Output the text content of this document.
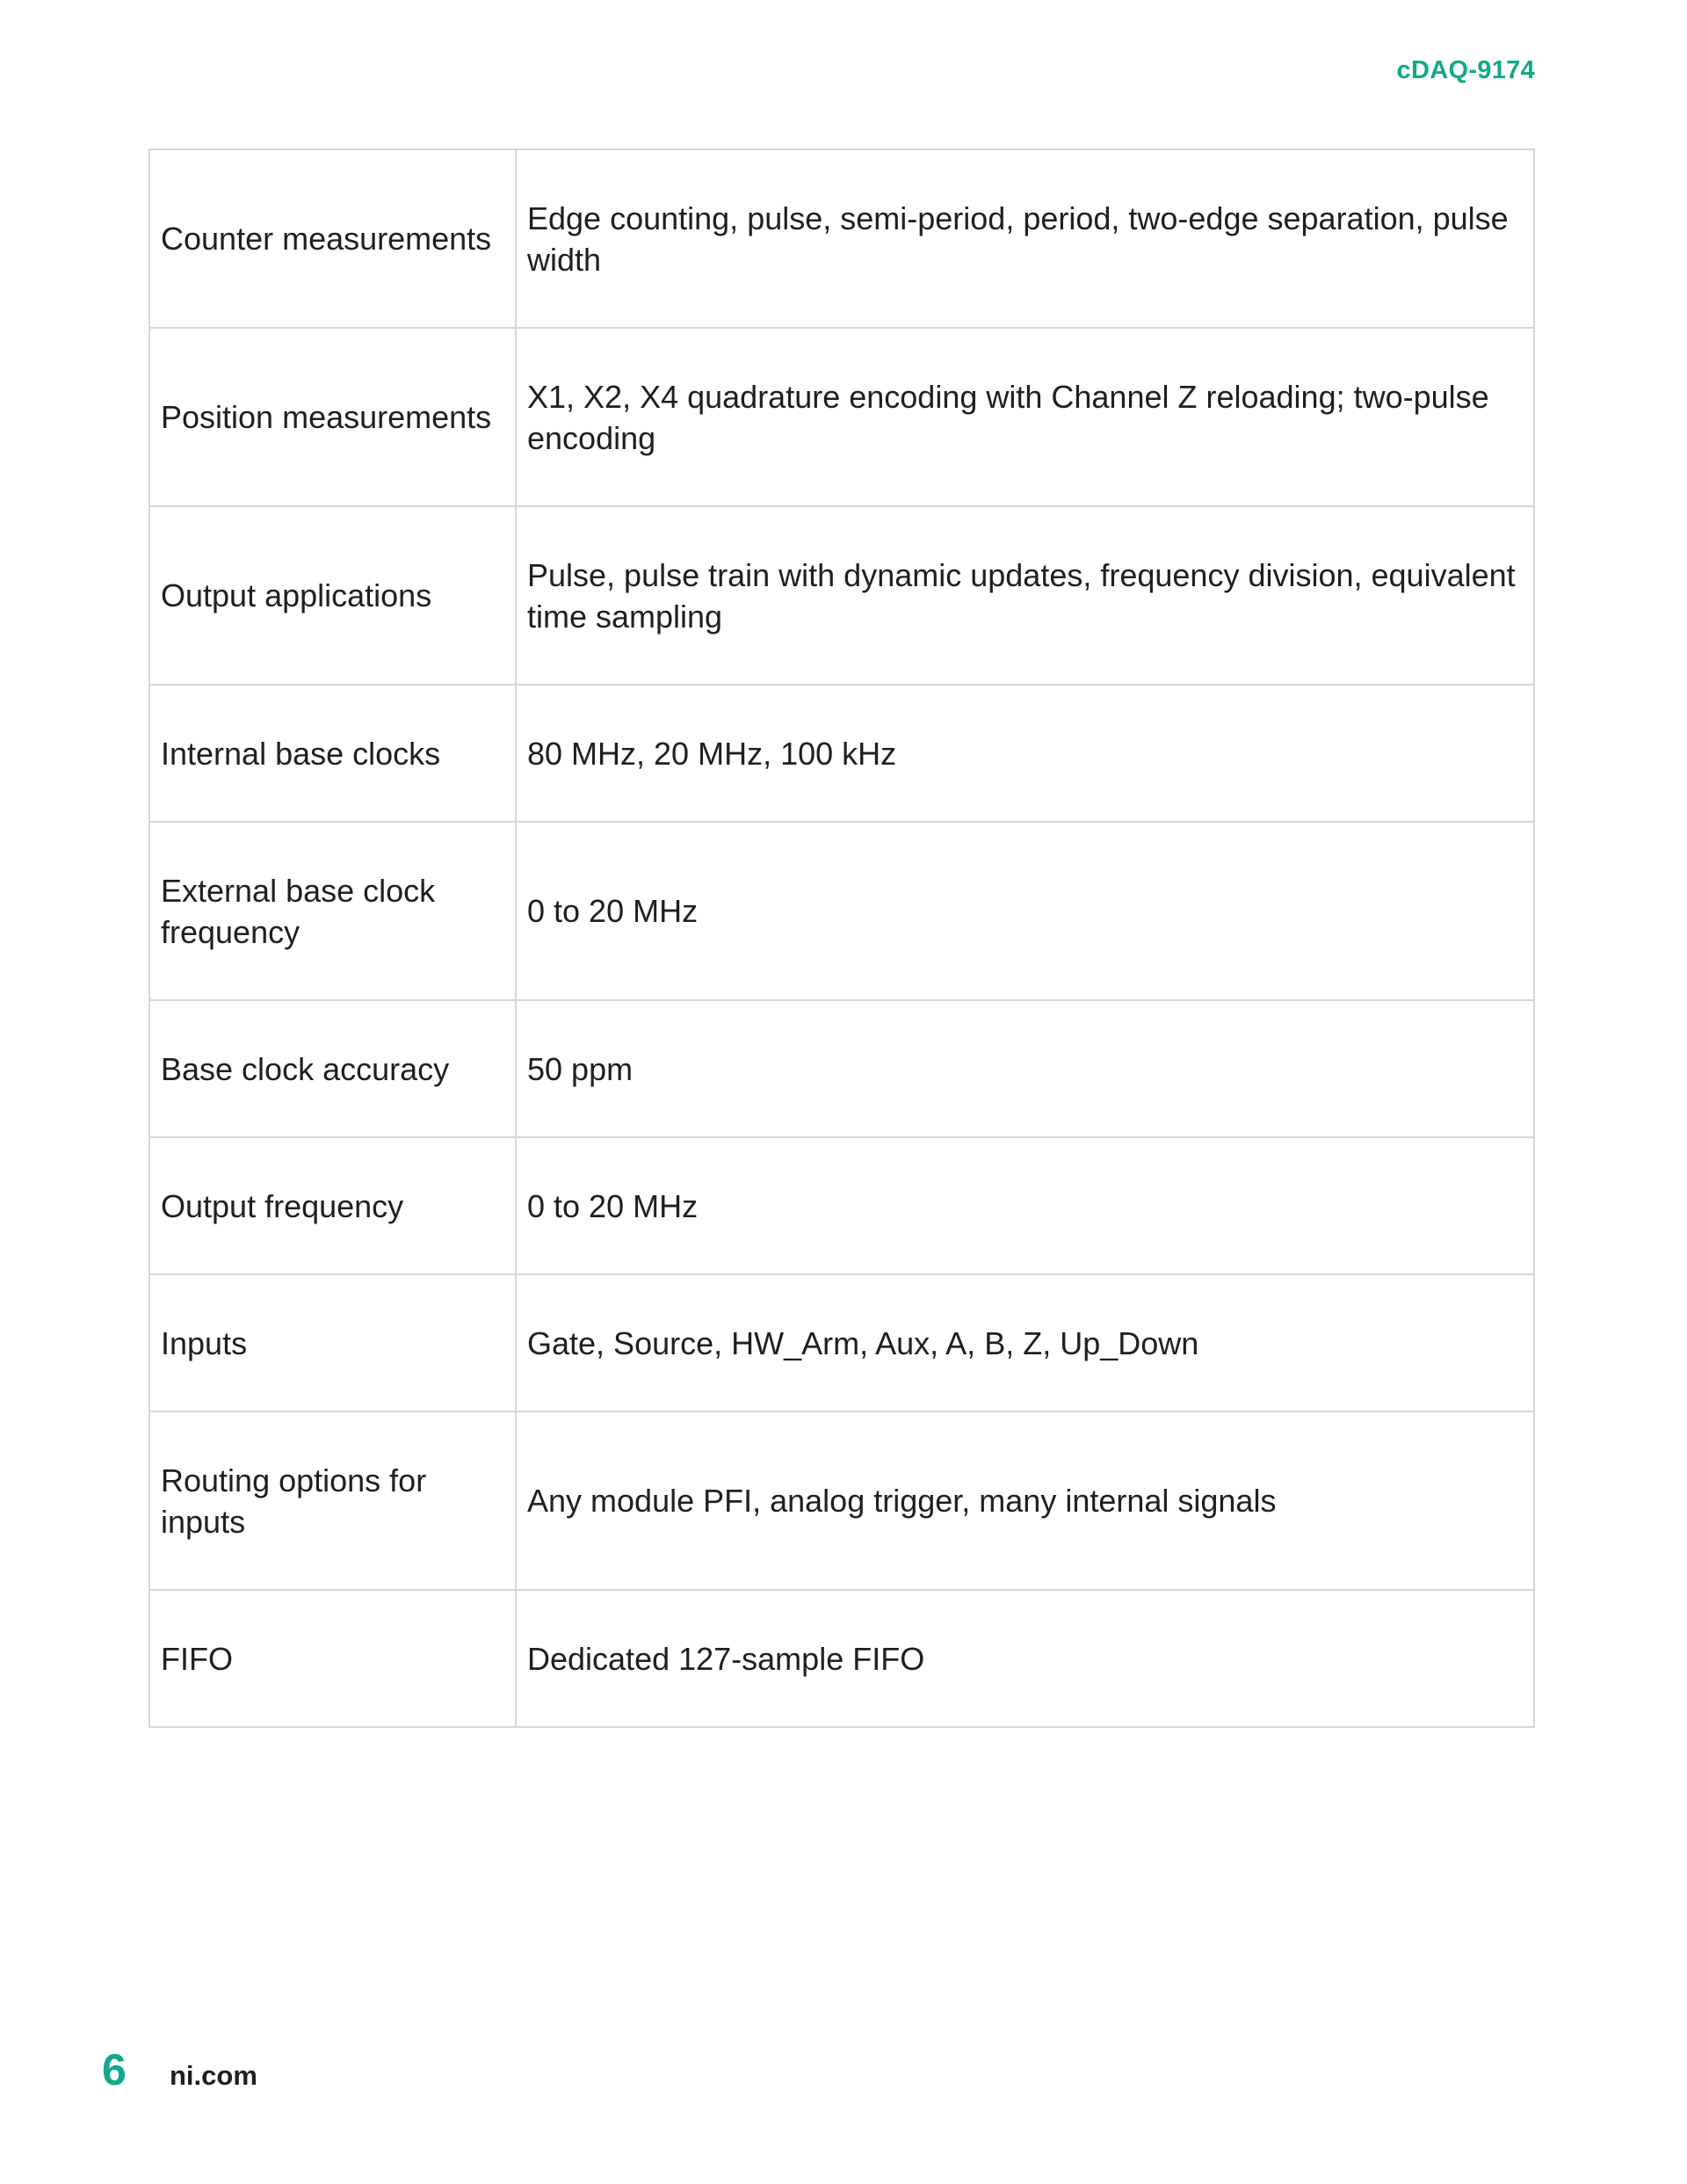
cDAQ-9174
Counter measurements	Edge counting, pulse, semi-period, period, two-edge separation, pulse width
Position measurements	X1, X2, X4 quadrature encoding with Channel Z reloading; two-pulse encoding
Output applications	Pulse, pulse train with dynamic updates, frequency division, equivalent time sampling
Internal base clocks	80 MHz, 20 MHz, 100 kHz
External base clock frequency	0 to 20 MHz
Base clock accuracy	50 ppm
Output frequency	0 to 20 MHz
Inputs	Gate, Source, HW_Arm, Aux, A, B, Z, Up_Down
Routing options for inputs	Any module PFI, analog trigger, many internal signals
FIFO	Dedicated 127-sample FIFO
6 ni.com
